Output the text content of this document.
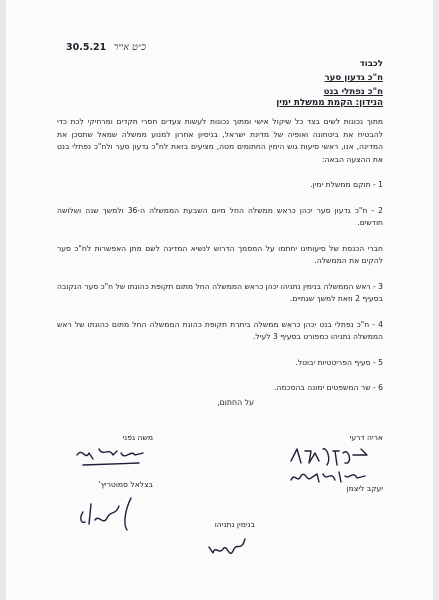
30.5.21 כ״ט אייר
לכבוד
ח"כ גדעון סער
ח"כ נפתלי בנט
הנידון: הקמת ממשלת ימין

מתוך נכונות לשים בצד כל שיקול אישי ומתוך נכונות לעשות צעדים חסרי תקדים ומרחיקי לכת כדי להבטיח את ביטחונה ואופיה של מדינת ישראל, בניסיון אחרון למנוע ממשלה שמאל שתסכן את המדינה, אנו, ראשי סיעות גוש הימין החתומים מטה, מציעים בזאת לח"כ גדעון סער ולח"כ נפתלי בנט את ההצעה הבאה:

1 - תוקם ממשלת ימין.

2 - ח"כ גדעון סער יכהן כראש ממשלה החל מיום השבעת הממשלה ה-36 ולמשך שנה ושלושה חודשים.

חברי הכנסת של סיעותינו יחתמו על המסמך הדרוש לנשיא המדינה לשם מתן האפשרות לח"כ סער להקים את הממשלה.

3 - ראש הממשלה בנימין נתניהו יכהן כראש הממשלה החל מתום תקופת כהונתו של ח"כ סער הנקובה בסעיף 2 וזאת למשך שנתיים.

4 - ח"כ נפתלי בנט יכהן כראש ממשלה ביתרת תקופת כהונת הממשלה החל מתום כהונתו של ראש הממשלה נתניהו כמפורט בסעיף 3 לעיל.

5 - סעיף הפריטטיות יבוטל.

6 - שר המשפטים ימונה בהסכמה.

על החתום,
אריה דרעי
יעקב ליצמן
משה גפני
בצלאל סמוטריץ'
בנימין נתניהו
